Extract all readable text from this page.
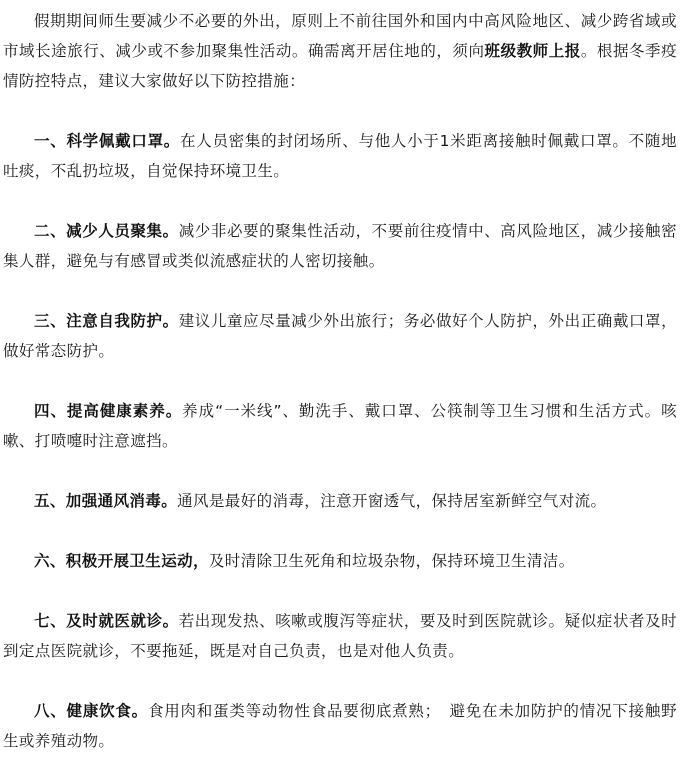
假期期间师生要减少不必要的外出，原则上不前往国外和国内中高风险地区、减少跨省域或市域长途旅行、减少或不参加聚集性活动。确需离开居住地的，须向班级教师上报。根据冬季疫情防控特点，建议大家做好以下防控措施：

一、科学佩戴口罩。在人员密集的封闭场所、与他人小于1米距离接触时佩戴口罩。不随地吐痰，不乱扔垃圾，自觉保持环境卫生。

二、减少人员聚集。减少非必要的聚集性活动，不要前往疫情中、高风险地区，减少接触密集人群，避免与有感冒或类似流感症状的人密切接触。

三、注意自我防护。建议儿童应尽量减少外出旅行；务必做好个人防护，外出正确戴口罩，做好常态防护。

四、提高健康素养。养成“一米线”、勤洗手、戴口罩、公筷制等卫生习惯和生活方式。咳嗽、打喷嚏时注意遮挡。

五、加强通风消毒。通风是最好的消毒，注意开窗透气，保持居室新鲜空气对流。

六、积极开展卫生运动，及时清除卫生死角和垃圾杂物，保持环境卫生清洁。

七、及时就医就诊。若出现发热、咳嗽或腹泻等症状，要及时到医院就诊。疑似症状者及时到定点医院就诊，不要拖延，既是对自己负责，也是对他人负责。

八、健康饮食。食用肉和蛋类等动物性食品要彻底煮熟；　避免在未加防护的情况下接触野生或养殖动物。
